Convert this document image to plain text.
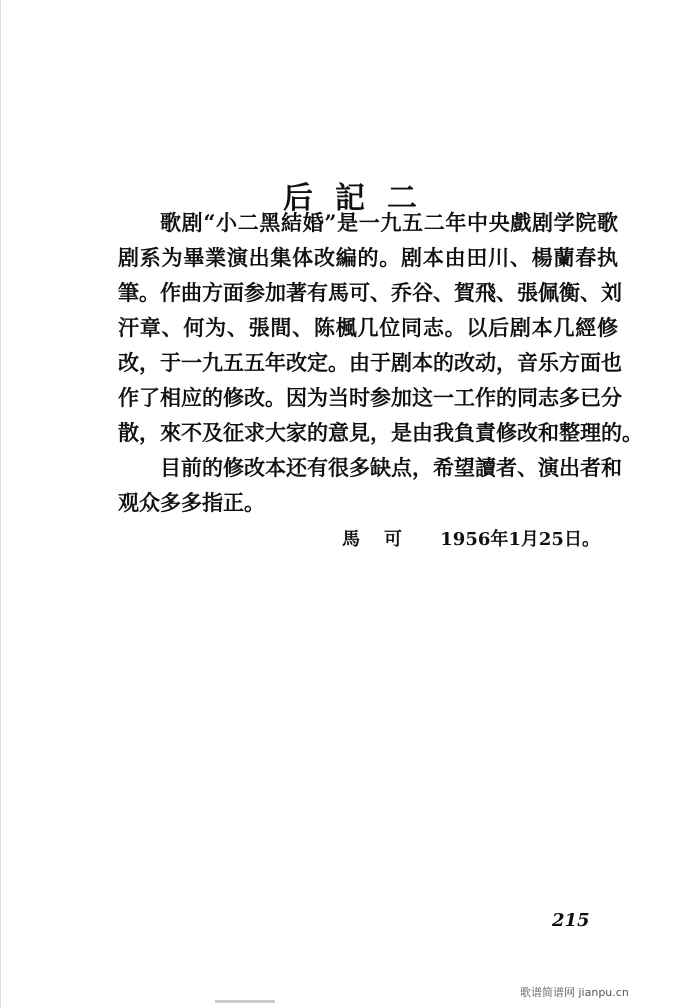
后記二

歌剧“小二黑結婚”是一九五二年中央戲剧学院歌
剧系为畢業演出集体改編的。剧本由田川、楊蘭春执
筆。作曲方面参加著有馬可、乔谷、賀飛、張佩衡、刘
汗章、何为、張間、陈楓几位同志。以后剧本几經修
改，于一九五五年改定。由于剧本的改动，音乐方面也
作了相应的修改。因为当时参加这一工作的同志多已分
散，來不及征求大家的意見，是由我負責修改和整理的。

目前的修改本还有很多缺点，希望讀者、演出者和
观众多多指正。

馬可 1956年1月25日。
215
歌谱简谱网 jianpu.cn
